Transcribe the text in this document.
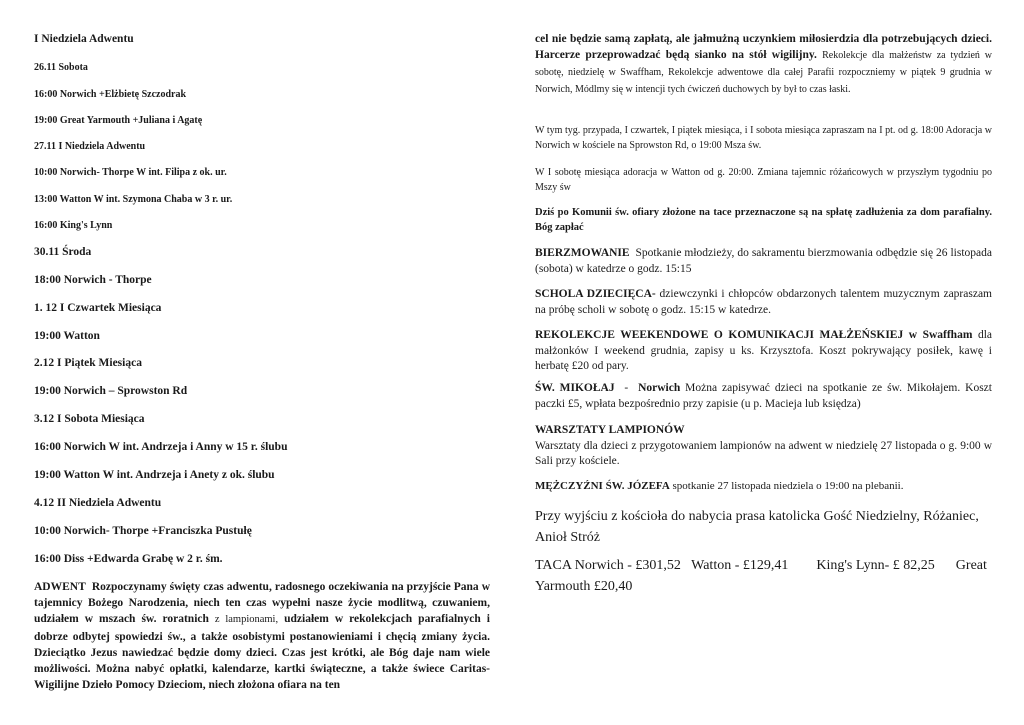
I Niedziela Adwentu
26.11 Sobota
16:00 Norwich +Elżbietę Szczodrak
19:00 Great Yarmouth +Juliana i Agatę
27.11 I Niedziela Adwentu
10:00 Norwich- Thorpe W int. Filipa z ok. ur.
13:00 Watton W int. Szymona Chaba w 3 r. ur.
16:00 King's Lynn
30.11 Środa
18:00 Norwich - Thorpe
1. 12 I Czwartek Miesiąca
19:00 Watton
2.12 I Piątek Miesiąca
19:00 Norwich – Sprowston Rd
3.12 I Sobota Miesiąca
16:00 Norwich W int. Andrzeja i Anny w 15 r. ślubu
19:00 Watton W int. Andrzeja i Anety z ok. ślubu
4.12 II Niedziela Adwentu
10:00 Norwich- Thorpe +Franciszka Pustułę
16:00 Diss +Edwarda Grabę w 2 r. śm.
ADWENT Rozpoczynamy święty czas adwentu, radosnego oczekiwania na przyjście Pana w tajemnicy Bożego Narodzenia, niech ten czas wypełni nasze życie modlitwą, czuwaniem, udziałem w mszach św. roratnich z lampionami, udziałem w rekolekcjach parafialnych i dobrze odbytej spowiedzi św., a także osobistymi postanowieniami i chęcią zmiany życia. Dzieciątko Jezus nawiedzać będzie domy dzieci. Czas jest krótki, ale Bóg daje nam wiele możliwości. Można nabyć opłatki, kalendarze, kartki świąteczne, a także świece Caritas- Wigilijne Dzieło Pomocy Dzieciom, niech złożona ofiara na ten

cel nie będzie samą zapłatą, ale jałmużną uczynkiem miłosierdzia dla potrzebujących dzieci. Harcerze przeprowadzać będą sianko na stół wigilijny. Rekolekcje dla małżeństw za tydzień w sobotę, niedzielę w Swaffham, Rekolekcje adwentowe dla całej Parafii rozpoczniemy w piątek 9 grudnia w Norwich, Módlmy się w intencji tych ćwiczeń duchowych by był to czas łaski.

W tym tyg. przypada, I czwartek, I piątek miesiąca, i I sobota miesiąca zapraszam na I pt. od g. 18:00 Adoracja w Norwich w kościele na Sprowston Rd, o 19:00 Msza św.

W I sobotę miesiąca adoracja w Watton od g. 20:00. Zmiana tajemnic różańcowych w przyszłym tygodniu po Mszy św

Dziś po Komunii św. ofiary złożone na tace przeznaczone są na spłatę zadłużenia za dom parafialny. Bóg zapłać

BIERZMOWANIE Spotkanie młodzieży, do sakramentu bierzmowania odbędzie się 26 listopada (sobota) w katedrze o godz. 15:15

SCHOLA DZIECIĘCA- dziewczynki i chłopców obdarzonych talentem muzycznym zapraszam na próbę scholi w sobotę o godz. 15:15 w katedrze.

REKOLEKCJE WEEKENDOWE O KOMUNIKACJI MAŁŻEŃSKIEJ w Swaffham dla małżonków I weekend grudnia, zapisy u ks. Krzysztofa. Koszt pokrywający posiłek, kawę i herbatę £20 od pary.

ŚW. MIKOŁAJ  -  Norwich Można zapisywać dzieci na spotkanie ze św. Mikołajem. Koszt paczki £5, wpłata bezpośrednio przy zapisie (u p. Macieja lub księdza)

WARSZTATY LAMPIONÓW
Warsztaty dla dzieci z przygotowaniem lampionów na adwent w niedzielę 27 listopada o g. 9:00 w Sali przy kościele.

MĘŻCZYŹNI ŚW. JÓZEFA spotkanie 27 listopada niedziela o 19:00 na plebanii.

Przy wyjściu z kościoła do nabycia prasa katolicka Gość Niedzielny, Różaniec, Anioł Stróż

TACA Norwich - £301,52 Watton - £129,41 King's Lynn- £ 82,25 Great Yarmouth £20,40
